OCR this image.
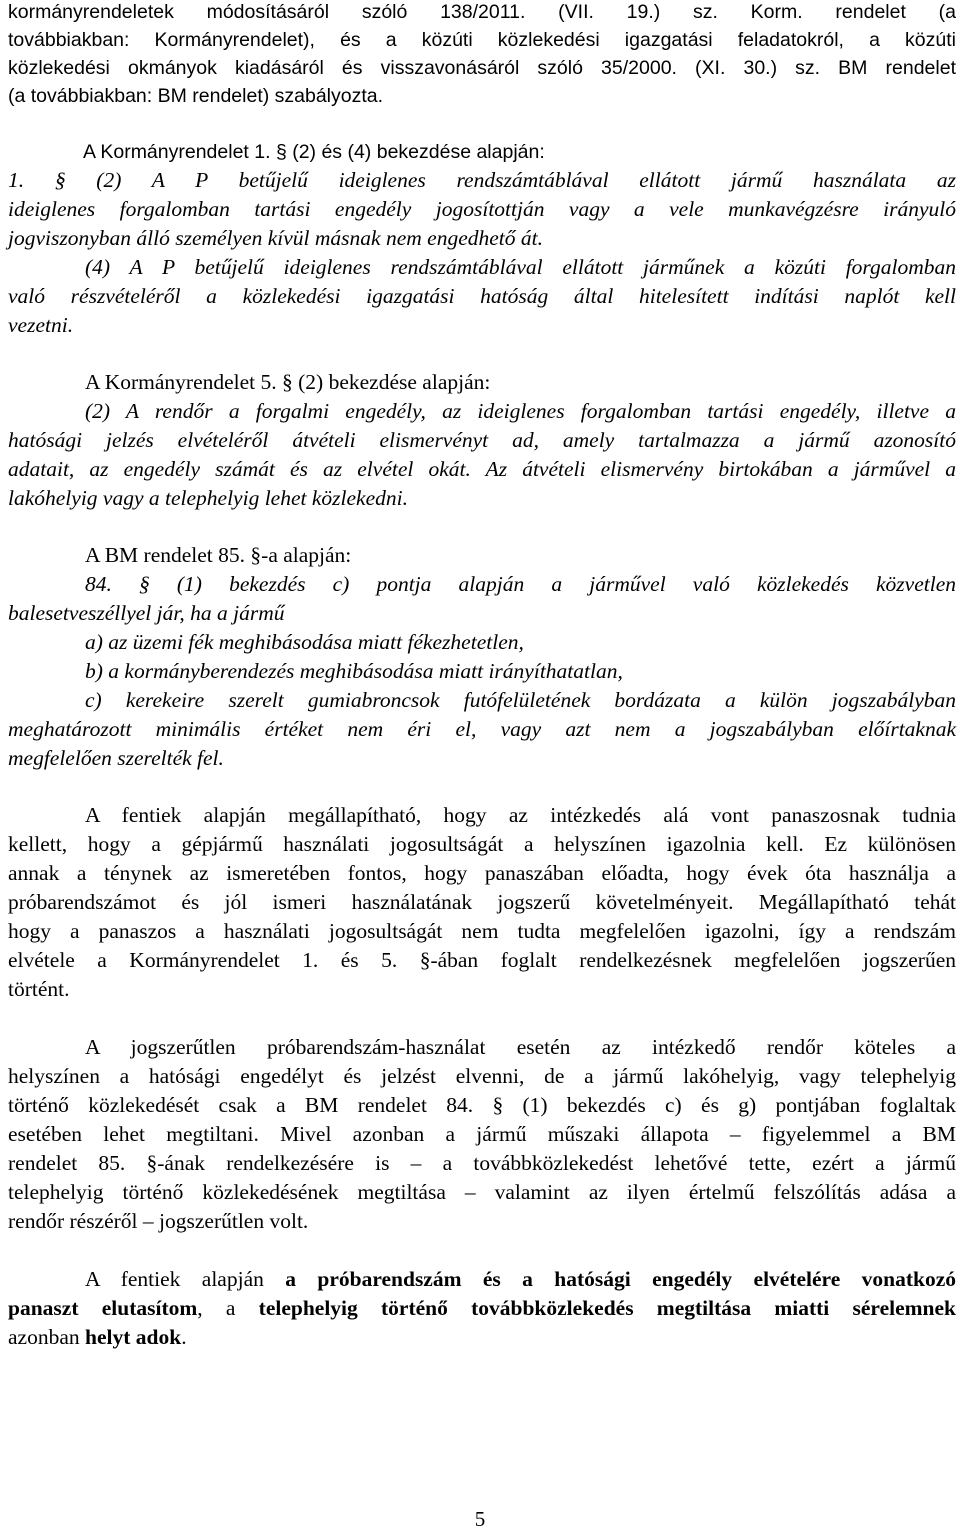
kormányrendeletek módosításáról szóló 138/2011. (VII. 19.) sz. Korm. rendelet (a
továbbiakban: Kormányrendelet), és a közúti közlekedési igazgatási feladatokról, a közúti
közlekedési okmányok kiadásáról és visszavonásáról szóló 35/2000. (XI. 30.) sz. BM rendelet
(a továbbiakban: BM rendelet) szabályozta.
A Kormányrendelet 1. § (2) és (4) bekezdése alapján:
1. § (2) A P betűjelű ideiglenes rendszámtáblával ellátott jármű használata az
ideiglenes forgalomban tartási engedély jogosítottján vagy a vele munkavégzésre irányuló
jogviszonyban álló személyen kívül másnak nem engedhető át.
(4) A P betűjelű ideiglenes rendszámtáblával ellátott járműnek a közúti forgalomban
való részvételéről a közlekedési igazgatási hatóság által hitelesített indítási naplót kell
vezetni.
A Kormányrendelet 5. § (2) bekezdése alapján:
(2) A rendőr a forgalmi engedély, az ideiglenes forgalomban tartási engedély, illetve a
hatósági jelzés elvételéről átvételi elismervényt ad, amely tartalmazza a jármű azonosító
adatait, az engedély számát és az elvétel okát. Az átvételi elismervény birtokában a járművel a
lakóhelyig vagy a telephelyig lehet közlekedni.
A BM rendelet 85. §-a alapján:
84. § (1) bekezdés c) pontja alapján a járművel való közlekedés közvetlen
balesetveszéllyel jár, ha a jármű
a) az üzemi fék meghibásodása miatt fékezhetetlen,
b) a kormányberendezés meghibásodása miatt irányíthatatlan,
c) kerekeire szerelt gumiabroncsok futófelületének bordázata a külön jogszabályban
meghatározott minimális értéket nem éri el, vagy azt nem a jogszabályban előírtaknak
megfelelően szerelték fel.
A fentiek alapján megállapítható, hogy az intézkedés alá vont panaszosnak tudnia
kellett, hogy a gépjármű használati jogosultságát a helyszínen igazolnia kell. Ez különösen
annak a ténynek az ismeretében fontos, hogy panaszában előadta, hogy évek óta használja a
próbarendszámot és jól ismeri használatának jogszerű követelményeit. Megállapítható tehát
hogy a panaszos a használati jogosultságát nem tudta megfelelően igazolni, így a rendszám
elvétele a Kormányrendelet 1. és 5. §-ában foglalt rendelkezésnek megfelelően jogszerűen
történt.
A jogszerűtlen próbarendszám-használat esetén az intézkedő rendőr köteles a
helyszínen a hatósági engedélyt és jelzést elvenni, de a jármű lakóhelyig, vagy telephelyig
történő közlekedését csak a BM rendelet 84. § (1) bekezdés c) és g) pontjában foglaltak
esetében lehet megtiltani. Mivel azonban a jármű műszaki állapota – figyelemmel a BM
rendelet 85. §-ának rendelkezésére is – a továbbközlekedést lehetővé tette, ezért a jármű
telephelyig történő közlekedésének megtiltása – valamint az ilyen értelmű felszólítás adása a
rendőr részéről – jogszerűtlen volt.
A fentiek alapján a próbarendszám és a hatósági engedély elvételére vonatkozó
panaszt elutasítom, a telephelyig történő továbbközlekedés megtiltása miatti sérelemnek
azonban helyt adok.
5
